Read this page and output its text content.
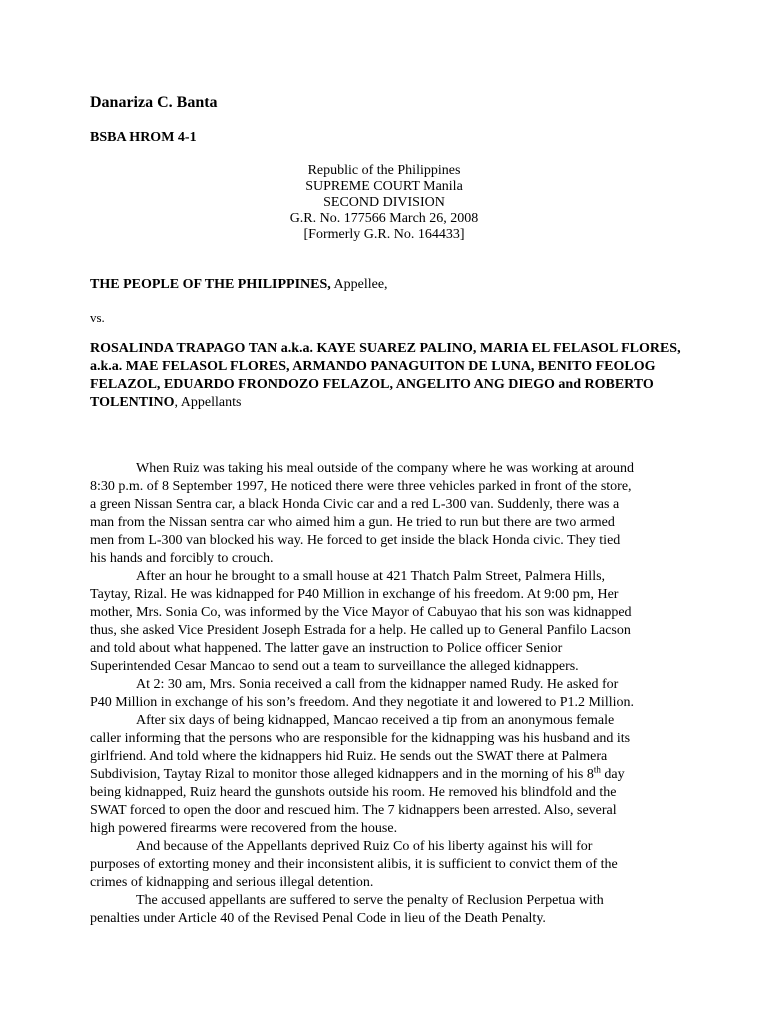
Danariza C. Banta
BSBA HROM 4-1
Republic of the Philippines
SUPREME COURT Manila
SECOND DIVISION
G.R. No. 177566 March 26, 2008
[Formerly G.R. No. 164433]
THE PEOPLE OF THE PHILIPPINES, Appellee,
vs.
ROSALINDA TRAPAGO TAN a.k.a. KAYE SUAREZ PALINO, MARIA EL FELASOL FLORES,
a.k.a. MAE FELASOL FLORES, ARMANDO PANAGUITON DE LUNA, BENITO FEOLOG
FELAZOL, EDUARDO FRONDOZO FELAZOL, ANGELITO ANG DIEGO and ROBERTO
TOLENTINO, Appellants
When Ruiz was taking his meal outside of the company where he was working at around
8:30 p.m. of 8 September 1997, He noticed there were three vehicles parked in front of the store,
a green Nissan Sentra car, a black Honda Civic car and a red L-300 van. Suddenly, there was a
man from the Nissan sentra car who aimed him a gun. He tried to run but there are two armed
men from L-300 van blocked his way. He forced to get inside the black Honda civic. They tied
his hands and forcibly to crouch.
After an hour he brought to a small house at 421 Thatch Palm Street, Palmera Hills,
Taytay, Rizal. He was kidnapped for P40 Million in exchange of his freedom. At 9:00 pm, Her
mother, Mrs. Sonia Co, was informed by the Vice Mayor of Cabuyao that his son was kidnapped
thus, she asked Vice President Joseph Estrada for a help. He called up to General Panfilo Lacson
and told about what happened. The latter gave an instruction to Police officer Senior
Superintended Cesar Mancao to send out a team to surveillance the alleged kidnappers.
At 2: 30 am, Mrs. Sonia received a call from the kidnapper named Rudy. He asked for
P40 Million in exchange of his son’s freedom. And they negotiate it and lowered to P1.2 Million.
After six days of being kidnapped, Mancao received a tip from an anonymous female
caller informing that the persons who are responsible for the kidnapping was his husband and its
girlfriend. And told where the kidnappers hid Ruiz. He sends out the SWAT there at Palmera
Subdivision, Taytay Rizal to monitor those alleged kidnappers and in the morning of his 8th day
being kidnapped, Ruiz heard the gunshots outside his room. He removed his blindfold and the
SWAT forced to open the door and rescued him. The 7 kidnappers been arrested. Also, several
high powered firearms were recovered from the house.
And because of the Appellants deprived Ruiz Co of his liberty against his will for
purposes of extorting money and their inconsistent alibis, it is sufficient to convict them of the
crimes of kidnapping and serious illegal detention.
The accused appellants are suffered to serve the penalty of Reclusion Perpetua with
penalties under Article 40 of the Revised Penal Code in lieu of the Death Penalty.
